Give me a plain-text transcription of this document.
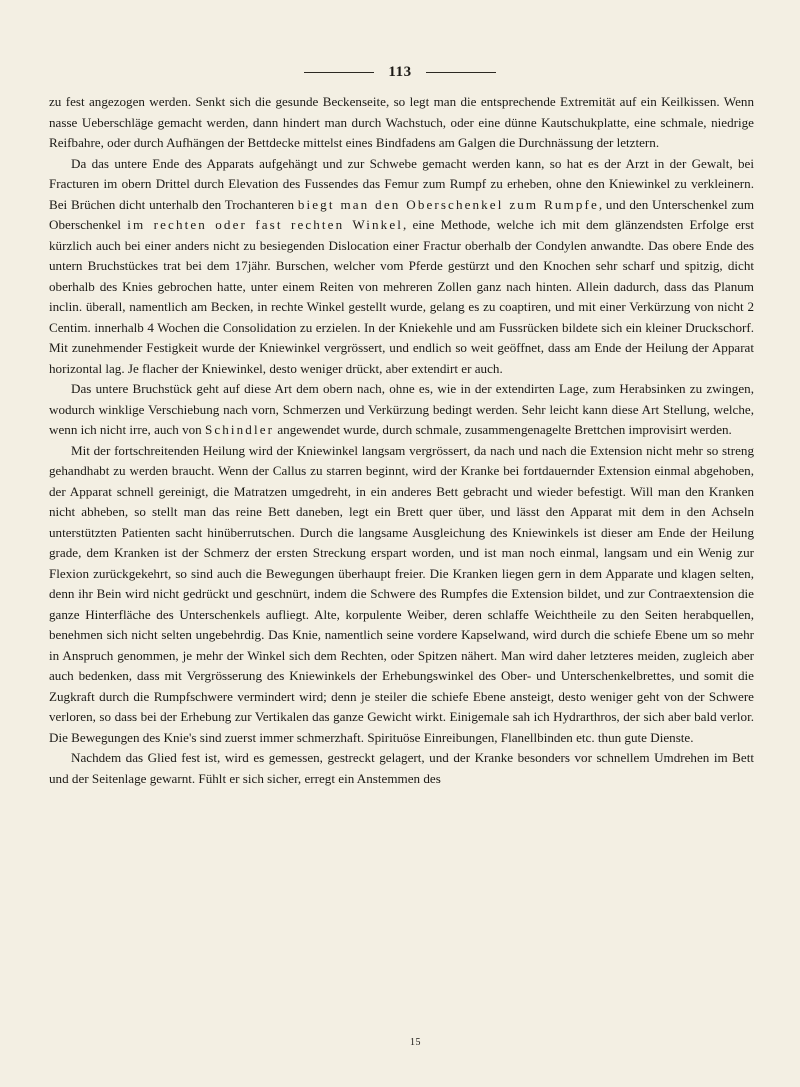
113

zu fest angezogen werden. Senkt sich die gesunde Beckenseite, so legt man die entsprechende Extremität auf ein Keilkissen. Wenn nasse Ueberschläge gemacht werden, dann hindert man durch Wachstuch, oder eine dünne Kautschukplatte, eine schmale, niedrige Reifbahre, oder durch Aufhängen der Bettdecke mittelst eines Bindfadens am Galgen die Durchnässung der letztern.

Da das untere Ende des Apparats aufgehängt und zur Schwebe gemacht werden kann, so hat es der Arzt in der Gewalt, bei Fracturen im obern Drittel durch Elevation des Fussendes das Femur zum Rumpf zu erheben, ohne den Kniewinkel zu verkleinern. Bei Brüchen dicht unterhalb den Trochanteren biegt man den Oberschenkel zum Rumpfe, und den Unterschenkel zum Oberschenkel im rechten oder fast rechten Winkel, eine Methode, welche ich mit dem glänzendsten Erfolge erst kürzlich auch bei einer anders nicht zu besiegenden Dislocation einer Fractur oberhalb der Condylen anwandte. Das obere Ende des untern Bruchstückes trat bei dem 17jähr. Burschen, welcher vom Pferde gestürzt und den Knochen sehr scharf und spitzig, dicht oberhalb des Knies gebrochen hatte, unter einem Reiten von mehreren Zollen ganz nach hinten. Allein dadurch, dass das Planum inclin. überall, namentlich am Becken, in rechte Winkel gestellt wurde, gelang es zu coaptiren, und mit einer Verkürzung von nicht 2 Centim. innerhalb 4 Wochen die Consolidation zu erzielen. In der Kniekehle und am Fussrücken bildete sich ein kleiner Druckschorf. Mit zunehmender Festigkeit wurde der Kniewinkel vergrössert, und endlich so weit geöffnet, dass am Ende der Heilung der Apparat horizontal lag. Je flacher der Kniewinkel, desto weniger drückt, aber extendirt er auch.

Das untere Bruchstück geht auf diese Art dem obern nach, ohne es, wie in der extendirten Lage, zum Herabsinken zu zwingen, wodurch winklige Verschiebung nach vorn, Schmerzen und Verkürzung bedingt werden. Sehr leicht kann diese Art Stellung, welche, wenn ich nicht irre, auch von Schindler angewendet wurde, durch schmale, zusammengenagelte Brettchen improvisirt werden.

Mit der fortschreitenden Heilung wird der Kniewinkel langsam vergrössert, da nach und nach die Extension nicht mehr so streng gehandhabt zu werden braucht. Wenn der Callus zu starren beginnt, wird der Kranke bei fortdauernder Extension einmal abgehoben, der Apparat schnell gereinigt, die Matratzen umgedreht, in ein anderes Bett gebracht und wieder befestigt. Will man den Kranken nicht abheben, so stellt man das reine Bett daneben, legt ein Brett quer über, und lässt den Apparat mit dem in den Achseln unterstützten Patienten sacht hinüberrutschen. Durch die langsame Ausgleichung des Kniewinkels ist dieser am Ende der Heilung grade, dem Kranken ist der Schmerz der ersten Streckung erspart worden, und ist man noch einmal, langsam und ein Wenig zur Flexion zurückgekehrt, so sind auch die Bewegungen überhaupt freier. Die Kranken liegen gern in dem Apparate und klagen selten, denn ihr Bein wird nicht gedrückt und geschnürt, indem die Schwere des Rumpfes die Extension bildet, und zur Contraextension die ganze Hinterfläche des Unterschenkels aufliegt. Alte, korpulente Weiber, deren schlaffe Weichtheile zu den Seiten herabquellen, benehmen sich nicht selten ungebehrdig. Das Knie, namentlich seine vordere Kapselwand, wird durch die schiefe Ebene um so mehr in Anspruch genommen, je mehr der Winkel sich dem Rechten, oder Spitzen nähert. Man wird daher letzteres meiden, zugleich aber auch bedenken, dass mit Vergrösserung des Kniewinkels der Erhebungswinkel des Ober- und Unterschenkelbrettes, und somit die Zugkraft durch die Rumpfschwere vermindert wird; denn je steiler die schiefe Ebene ansteigt, desto weniger geht von der Schwere verloren, so dass bei der Erhebung zur Vertikalen das ganze Gewicht wirkt. Einigemale sah ich Hydrarthros, der sich aber bald verlor. Die Bewegungen des Knie's sind zuerst immer schmerzhaft. Spirituöse Einreibungen, Flanellbinden etc. thun gute Dienste.

Nachdem das Glied fest ist, wird es gemessen, gestreckt gelagert, und der Kranke besonders vor schnellem Umdrehen im Bett und der Seitenlage gewarnt. Fühlt er sich sicher, erregt ein Anstemmen des

15
